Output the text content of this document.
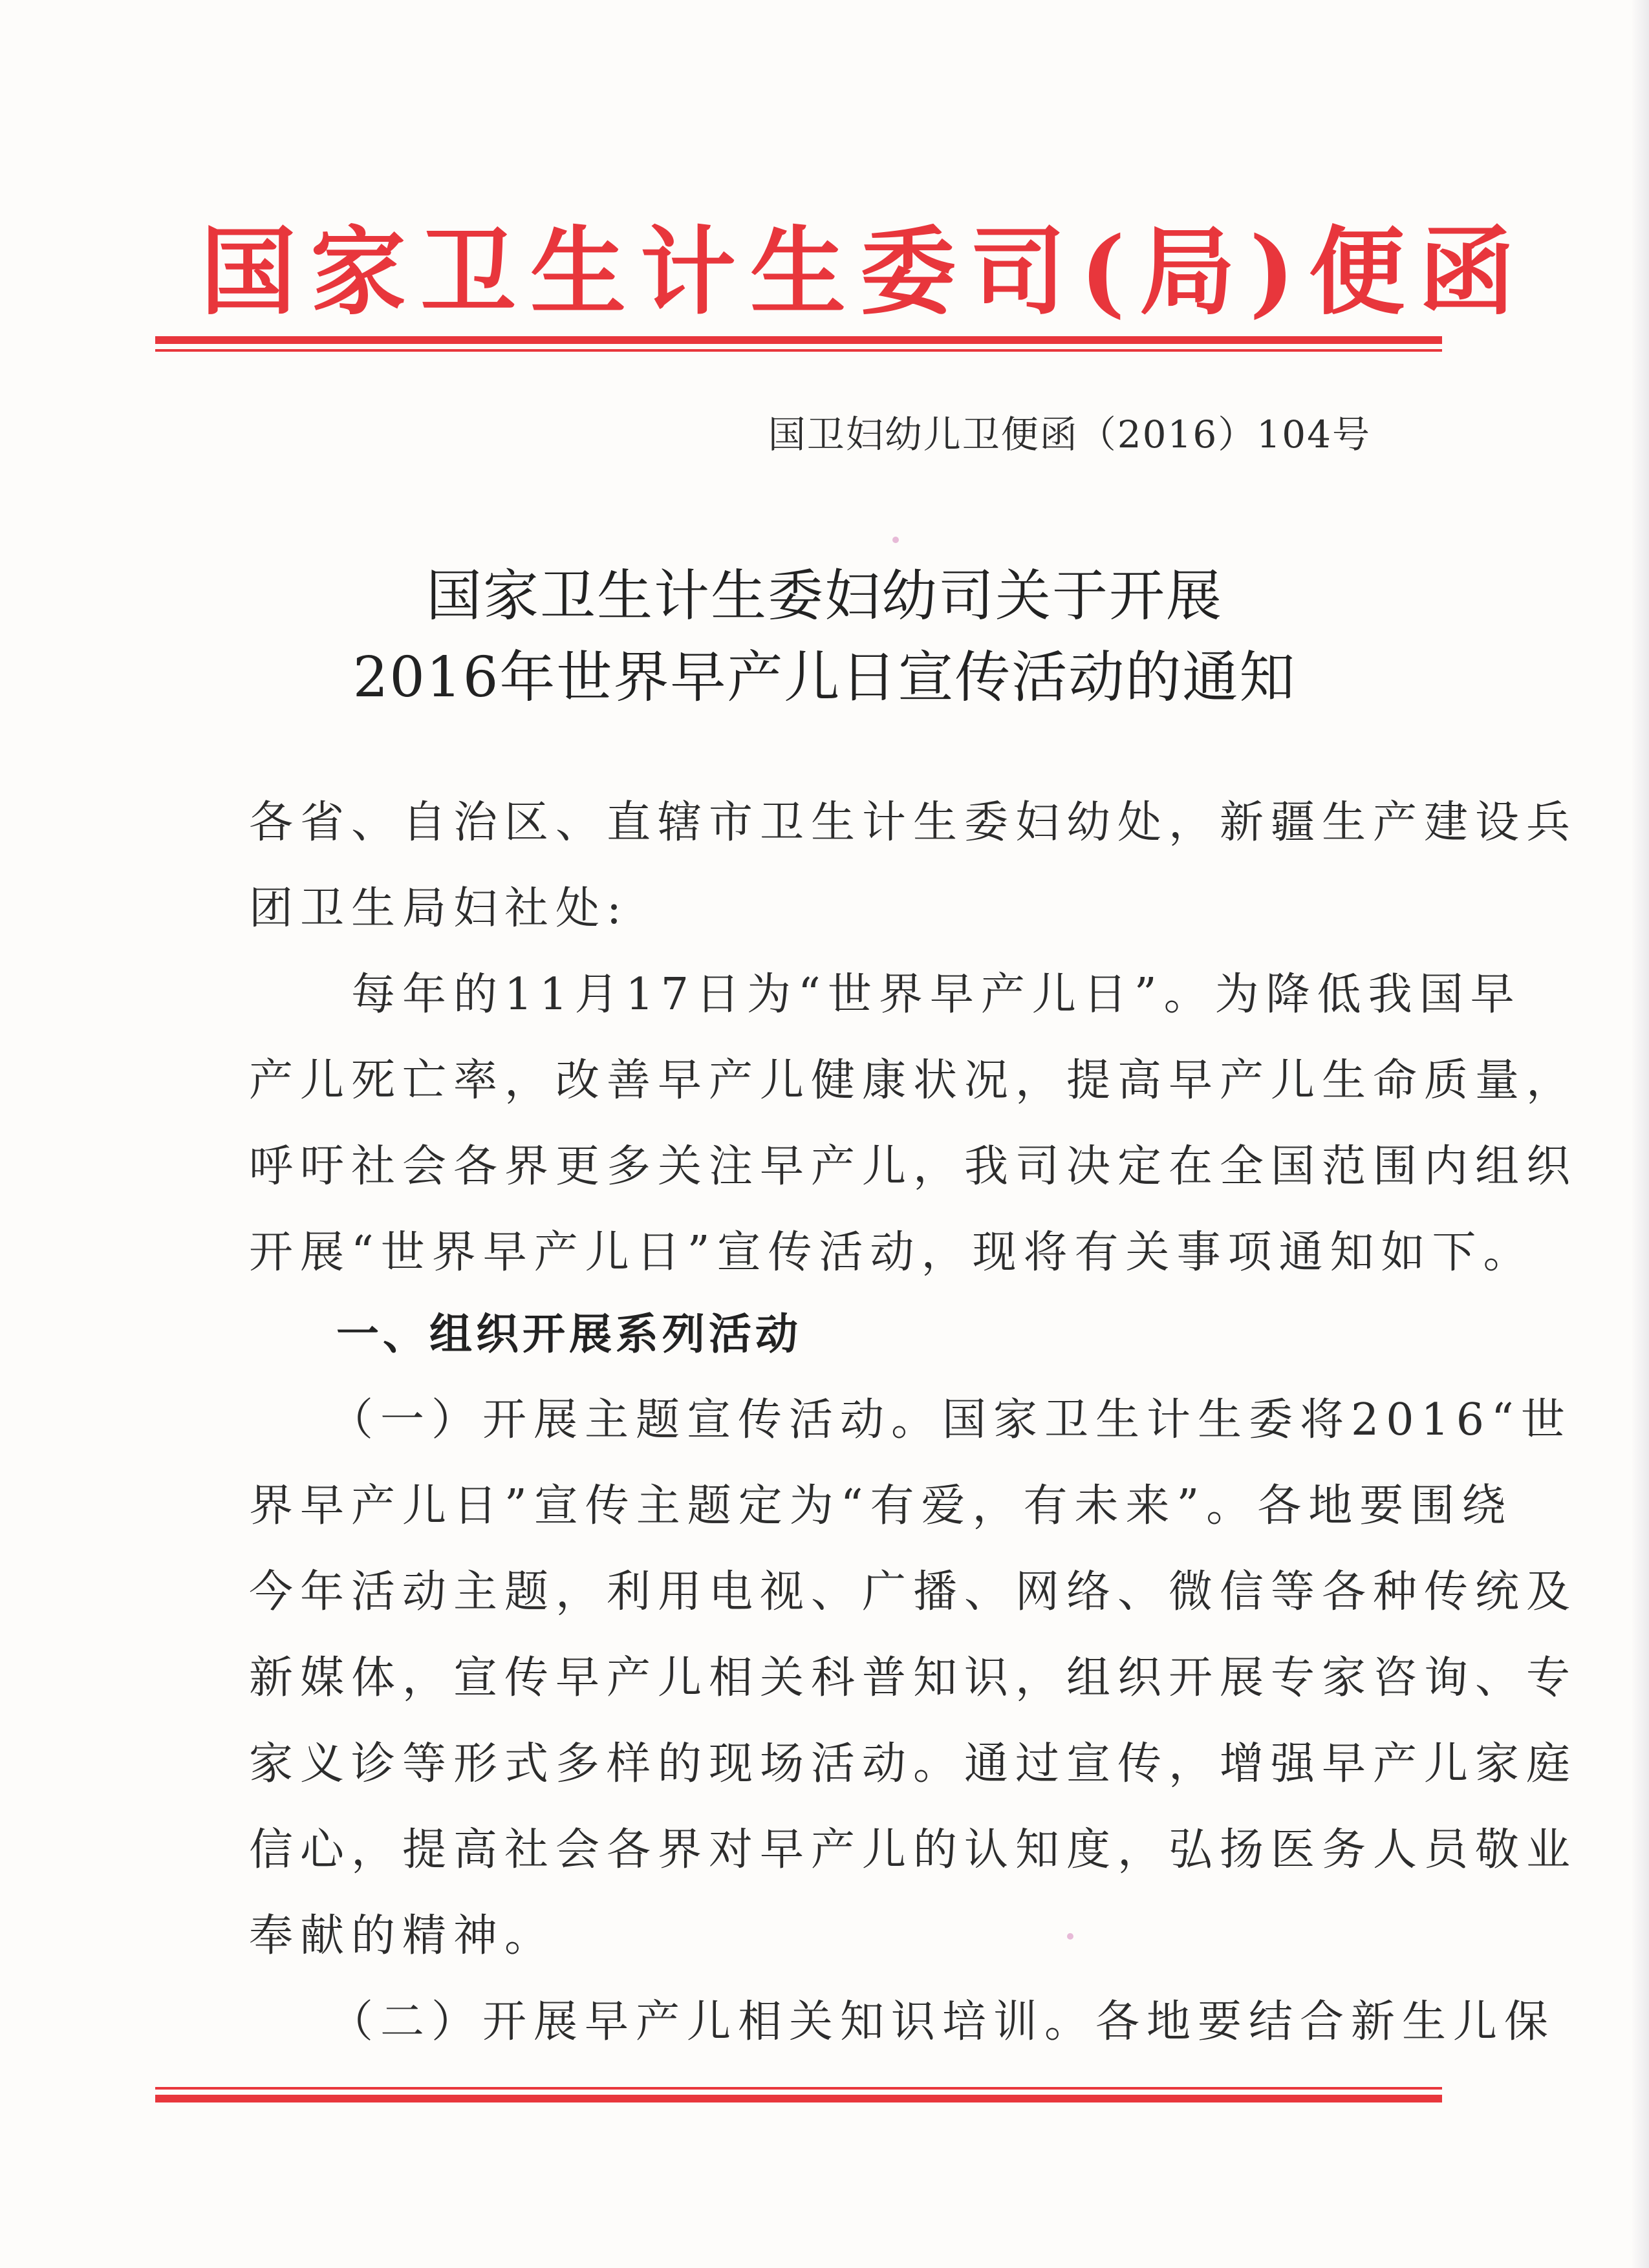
国家卫生计生委司(局)便函
国卫妇幼儿卫便函（2016）104号
国家卫生计生委妇幼司关于开展
2016年世界早产儿日宣传活动的通知
各省、自治区、直辖市卫生计生委妇幼处，新疆生产建设兵
团卫生局妇社处:
　　每年的11月17日为“世界早产儿日”。为降低我国早
产儿死亡率，改善早产儿健康状况，提高早产儿生命质量，
呼吁社会各界更多关注早产儿，我司决定在全国范围内组织
开展“世界早产儿日”宣传活动，现将有关事项通知如下。
一、组织开展系列活动
　　（一）开展主题宣传活动。国家卫生计生委将2016“世
界早产儿日”宣传主题定为“有爱，有未来”。各地要围绕
今年活动主题，利用电视、广播、网络、微信等各种传统及
新媒体，宣传早产儿相关科普知识，组织开展专家咨询、专
家义诊等形式多样的现场活动。通过宣传，增强早产儿家庭
信心，提高社会各界对早产儿的认知度，弘扬医务人员敬业
奉献的精神。
　　（二）开展早产儿相关知识培训。各地要结合新生儿保
